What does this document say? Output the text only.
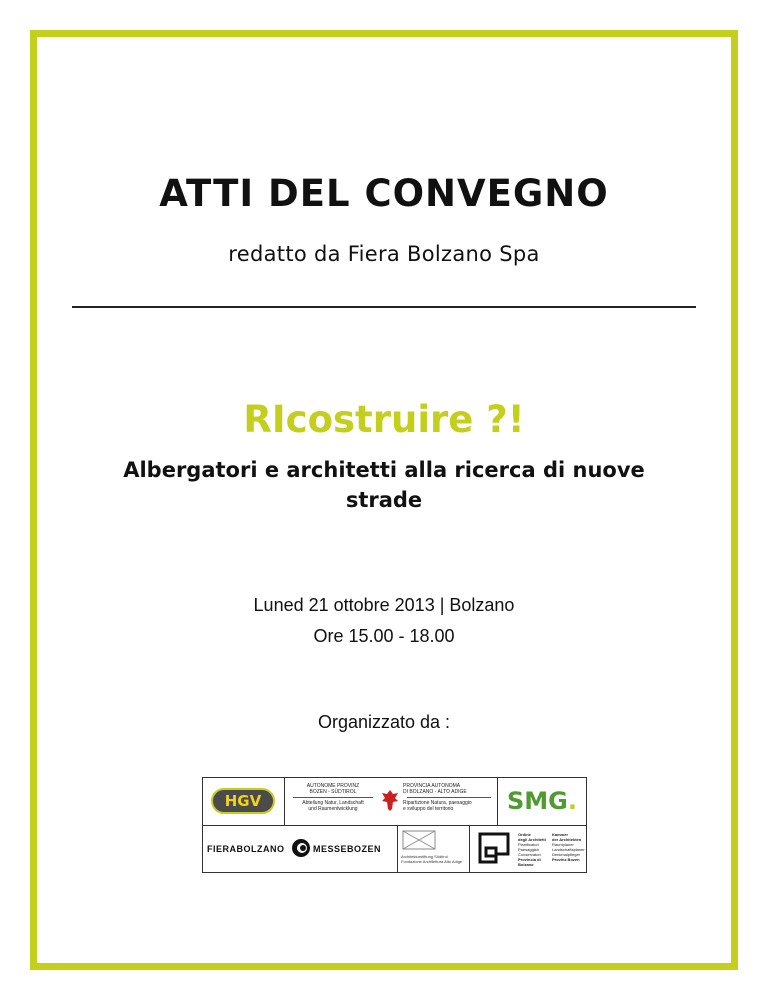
ATTI DEL CONVEGNO
redatto da Fiera Bolzano Spa
RIcostruire ?!
Albergatori e architetti alla ricerca di nuove strade
Luned 21 ottobre 2013 | Bolzano
Ore 15.00 - 18.00
Organizzato da :
HGV
AUTONOME PROVINZ
BOZEN - SÜDTIROL
Abteilung Natur, Landschaft
und Raumentwicklung
PROVINCIA AUTONOMA
DI BOLZANO - ALTO ADIGE
Ripartizione Natura, paesaggio
e sviluppo del territorio	SMG.
FIERABOLZANO	MESSEBOZEN
Architekturstiftung Südtirol
Fondazione Architettura Alto Adige
Ordine
degli Architetti
Pianificatori
Paesaggisti
Conservatori
Provincia di Bolzano
Kammer
der Architekten
Raumplaner
Landschaftsplaner
Denkmalpfleger
Provinz Bozen
